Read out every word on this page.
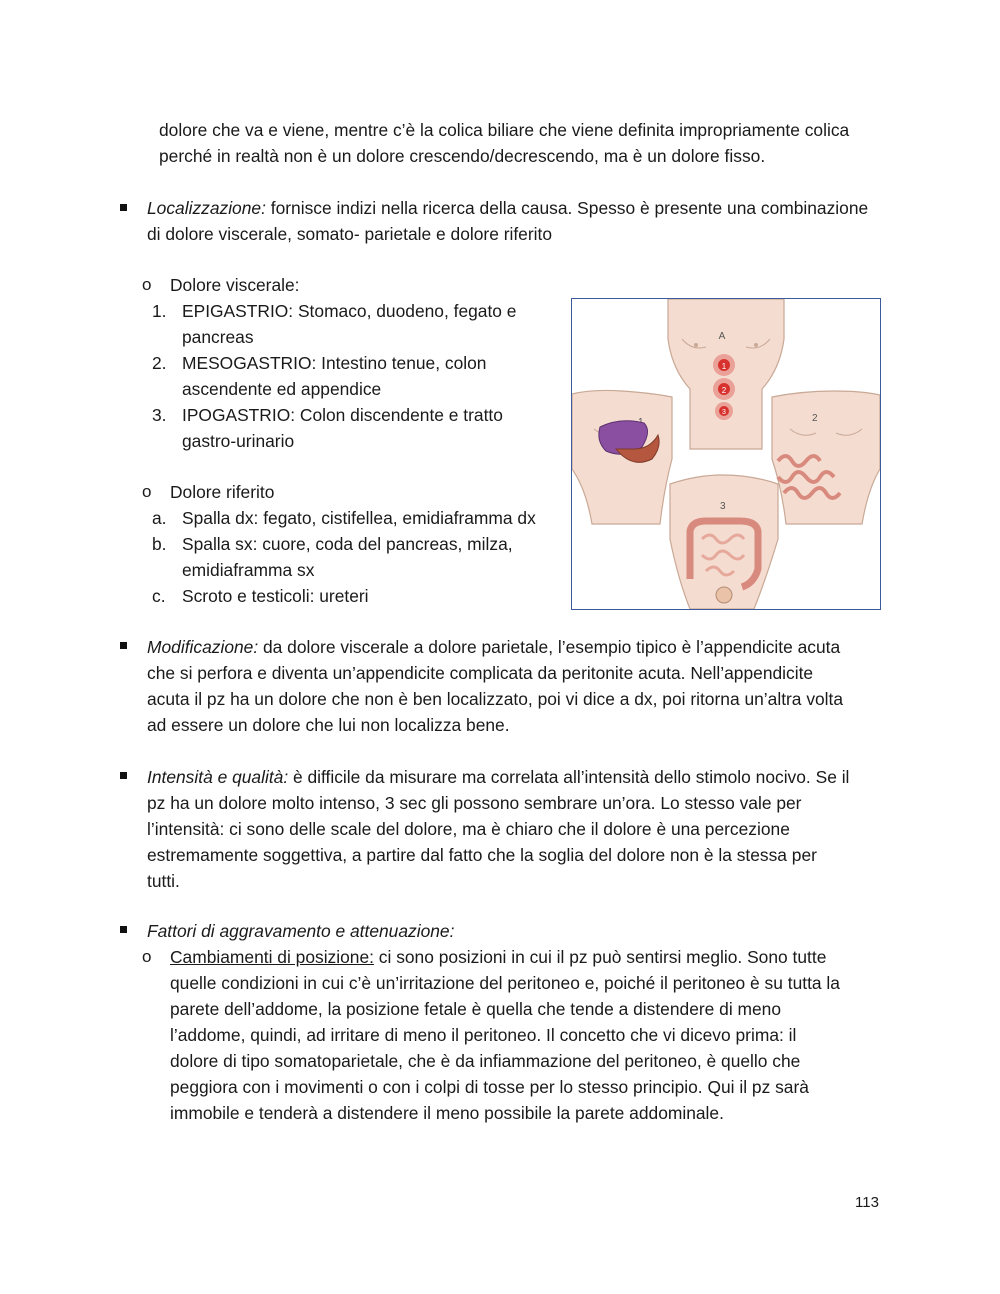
dolore che va e viene, mentre c’è la colica biliare che viene definita impropriamente colica
perché in realtà non è un dolore crescendo/decrescendo, ma è un dolore fisso.
Localizzazione: fornisce indizi nella ricerca della causa. Spesso è presente una combinazione
di dolore viscerale, somato- parietale e dolore riferito
o Dolore viscerale:
1. EPIGASTRIO: Stomaco, duodeno, fegato e
pancreas
2. MESOGASTRIO: Intestino tenue, colon
ascendente ed appendice
3. IPOGASTRIO: Colon discendente e tratto
gastro-urinario
o Dolore riferito
a. Spalla dx: fegato, cistifellea, emidiaframma dx
b. Spalla sx: cuore, coda del pancreas, milza,
emidiaframma sx
c. Scroto e testicoli: ureteri
A
1
2
3
2
3
Modificazione: da dolore viscerale a dolore parietale, l’esempio tipico è l’appendicite acuta
che si perfora e diventa un’appendicite complicata da peritonite acuta. Nell’appendicite
acuta il pz ha un dolore che non è ben localizzato, poi vi dice a dx, poi ritorna un’altra volta
ad essere un dolore che lui non localizza bene.
Intensità e qualità: è difficile da misurare ma correlata all’intensità dello stimolo nocivo. Se il
pz ha un dolore molto intenso, 3 sec gli possono sembrare un’ora. Lo stesso vale per
l’intensità: ci sono delle scale del dolore, ma è chiaro che il dolore è una percezione
estremamente soggettiva, a partire dal fatto che la soglia del dolore non è la stessa per
tutti.
Fattori di aggravamento e attenuazione:
o Cambiamenti di posizione: ci sono posizioni in cui il pz può sentirsi meglio. Sono tutte
quelle condizioni in cui c’è un’irritazione del peritoneo e, poiché il peritoneo è su tutta la
parete dell’addome, la posizione fetale è quella che tende a distendere di meno
l’addome, quindi, ad irritare di meno il peritoneo. Il concetto che vi dicevo prima: il
dolore di tipo somatoparietale, che è da infiammazione del peritoneo, è quello che
peggiora con i movimenti o con i colpi di tosse per lo stesso principio. Qui il pz sarà
immobile e tenderà a distendere il meno possibile la parete addominale.
113
